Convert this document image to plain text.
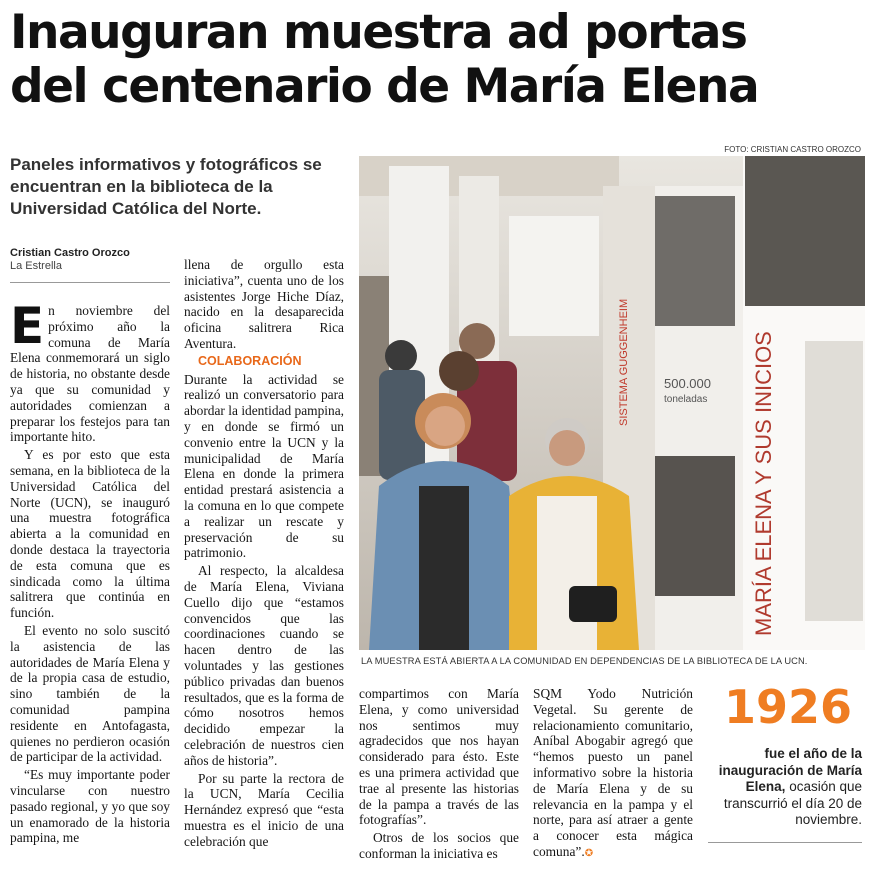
Inauguran muestra ad portas
del centenario de María Elena

Paneles informativos y fotográficos se encuentran en la biblioteca de la Universidad Católica del Norte.

Cristian Castro Orozco
La Estrella

En noviembre del próximo año la comuna de María Elena conmemorará un siglo de historia, no obstante desde ya que su comunidad y autoridades comienzan a preparar los festejos para tan importante hito.

Y es por esto que esta semana, en la biblioteca de la Universidad Católica del Norte (UCN), se inauguró una muestra fotográfica abierta a la comunidad en donde destaca la trayectoria de esta comuna que es sindicada como la última salitrera que continúa en función.

El evento no solo suscitó la asistencia de las autoridades de María Elena y de la propia casa de estudio, sino también de la comunidad pampina residente en Antofagasta, quienes no perdieron ocasión de participar de la actividad.

“Es muy importante poder vincularse con nuestro pasado regional, y yo que soy un enamorado de la historia pampina, me

llena de orgullo esta iniciativa”, cuenta uno de los asistentes Jorge Hiche Díaz, nacido en la desaparecida oficina salitrera Rica Aventura.

COLABORACIÓN

Durante la actividad se realizó un conversatorio para abordar la identidad pampina, y en donde se firmó un convenio entre la UCN y la municipalidad de María Elena en donde la primera entidad prestará asistencia a la comuna en lo que compete a realizar un rescate y preservación de su patrimonio.

Al respecto, la alcaldesa de María Elena, Viviana Cuello dijo que “estamos convencidos que las coordinaciones cuando se hacen dentro de las voluntades y las gestiones público privadas dan buenos resultados, que es la forma de cómo nosotros hemos decidido empezar la celebración de nuestros cien años de historia”.

Por su parte la rectora de la UCN, María Cecilia Hernández expresó que “esta muestra es el inicio de una celebración que

compartimos con María Elena, y como universidad nos sentimos muy agradecidos que nos hayan considerado para ésto. Este es una primera actividad que trae al presente las historias de la pampa a través de las fotografías”.

Otros de los socios que conforman la iniciativa es

SQM Yodo Nutrición Vegetal. Su gerente de relacionamiento comunitario, Aníbal Abogabir agregó que “hemos puesto un panel informativo sobre la historia de María Elena y de su relevancia en la pampa y el norte, para así atraer a gente a conocer esta mágica comuna”.✪

FOTO: CRISTIAN CASTRO OROZCO
SISTEMA GUGGENHEIM	500.000
toneladas MARÍA ELENA Y SUS INICIOS
LA MUESTRA ESTÁ ABIERTA A LA COMUNIDAD EN DEPENDENCIAS DE LA BIBLIOTECA DE LA UCN.
1926
fue el año de la inauguración de María Elena, ocasión que transcurrió el día 20 de noviembre.
